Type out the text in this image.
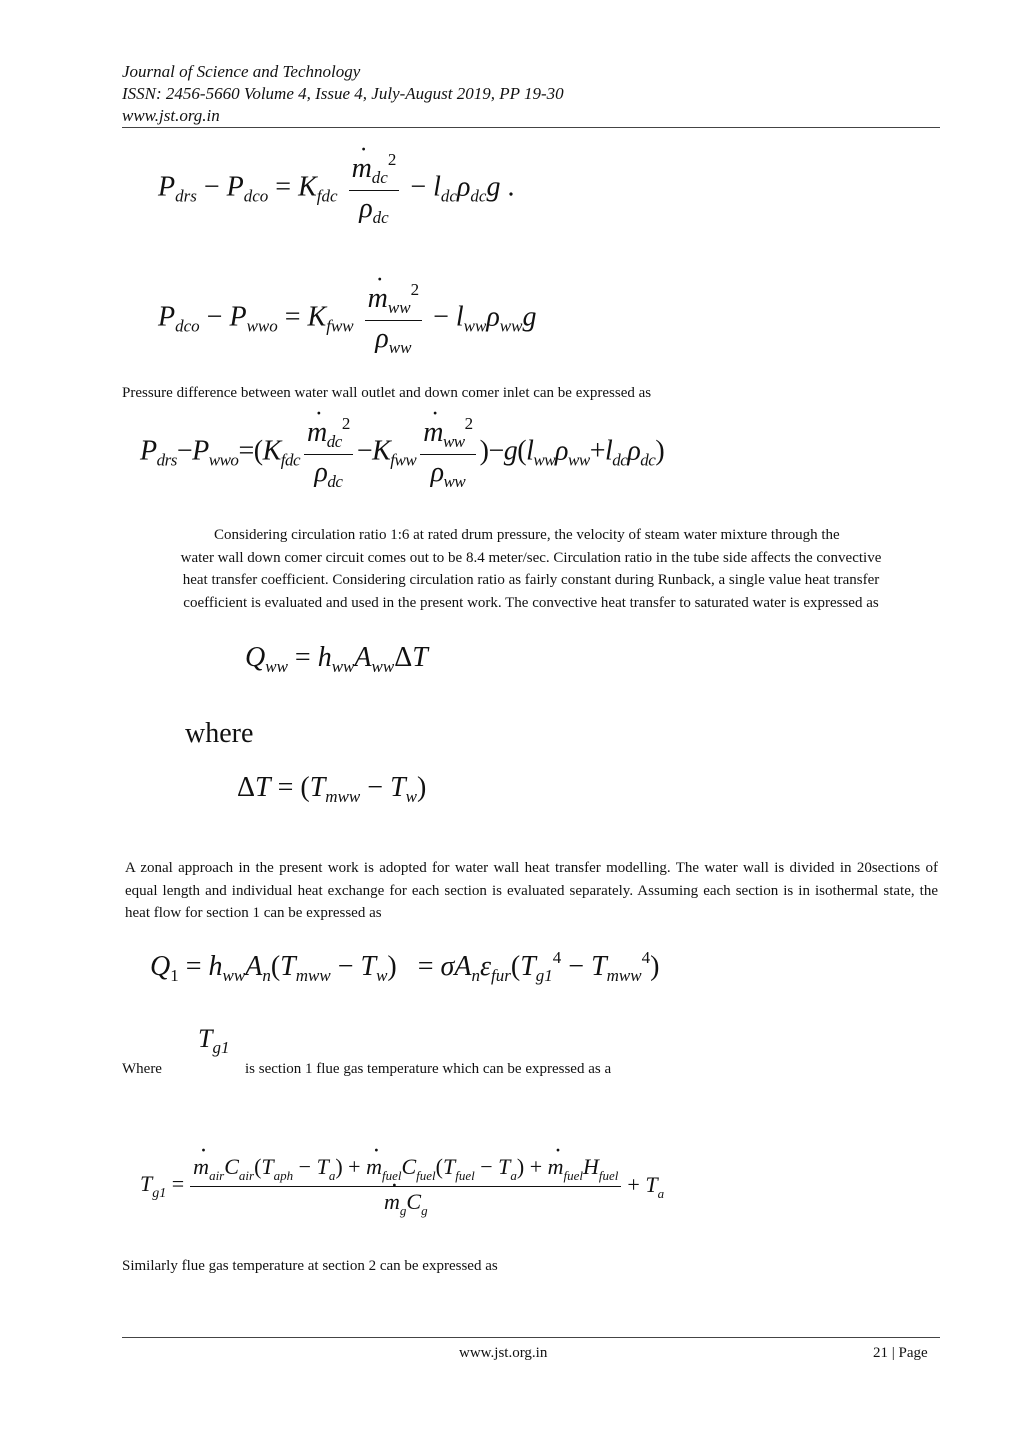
Journal of Science and Technology
ISSN: 2456-5660 Volume 4, Issue 4, July-August 2019, PP 19-30
www.jst.org.in
$P_{drs} - P_{dco} = K_{fdc}$
· $\frac{m_{dc}^2}{\rho_{dc}} - l_{dc}\rho_{dc}g$ .
$P_{dco} - P_{wwo} = K_{fww}$
· $\frac{m_{ww}^2}{\rho_{ww}} - l_{ww}\rho_{ww}g$
Pressure difference between water wall outlet and down comer inlet can be expressed as
$P_{drs}-P_{wwo}=(K_{fdc}$
· $\frac{m_{dc}^2}{\rho_{dc}} -K_{fww}$
· $\frac{m_{ww}^2}{\rho_{ww}} )-g(l_{ww}\rho_{ww}+l_{dc}\rho_{dc})$
Considering circulation ratio 1:6 at rated drum pressure, the velocity of steam water mixture through the
water wall down comer circuit comes out to be 8.4 meter/sec. Circulation ratio in the tube side affects the convective
heat transfer coefficient. Considering circulation ratio as fairly constant during Runback, a single value heat transfer
coefficient is evaluated and used in the present work. The convective heat transfer to saturated water is expressed as
$Q_{ww} = h_{ww}A_{ww}\Delta T$
where
$\Delta T = (T_{mww} - T_w)$
A zonal approach in the present work is adopted for water wall heat transfer modelling. The water wall is divided in 20sections of equal length and individual heat exchange for each section is evaluated separately. Assuming each section is in isothermal state, the heat flow for section 1 can be expressed as
$Q_1 = h_{ww}A_n(T_{mww} - T_w) = \sigma A_n\varepsilon_{fur}(T_{g1}^4 - T_{mww}^4)$
Where
$T_{g1}$
is section 1 flue gas temperature which can be expressed as a
$T_{g1}$ =
· $m_{air}C_{air}(T_{aph} - T_a)$ + · $m_{fuel}C_{fuel}(T_{fuel} - T_a)$ + · $m_{fuel}H_{fuel}$
· $m_gC_g + T_a$
Similarly flue gas temperature at section 2 can be expressed as
www.jst.org.in	21 | Page
